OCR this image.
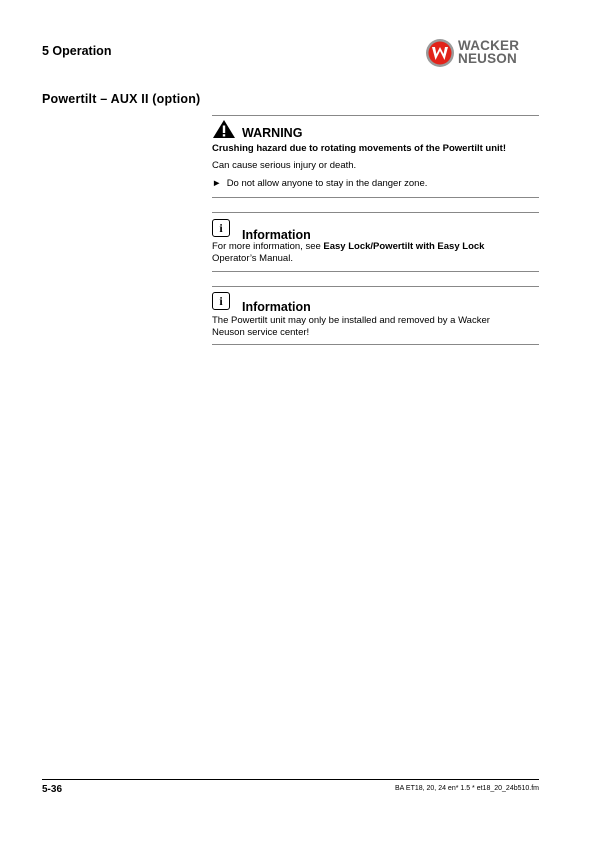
5 Operation	WACKER
NEUSON
Powertilt – AUX II (option)
WARNING
Crushing hazard due to rotating movements of the Powertilt unit!
Can cause serious injury or death.
► Do not allow anyone to stay in the danger zone.
i	Information
For more information, see Easy Lock/Powertilt with Easy Lock
Operator’s Manual.
i	Information
The Powertilt unit may only be installed and removed by a Wacker Neuson service center!
5-36	BA ET18, 20, 24 en* 1.5 * et18_20_24b510.fm
